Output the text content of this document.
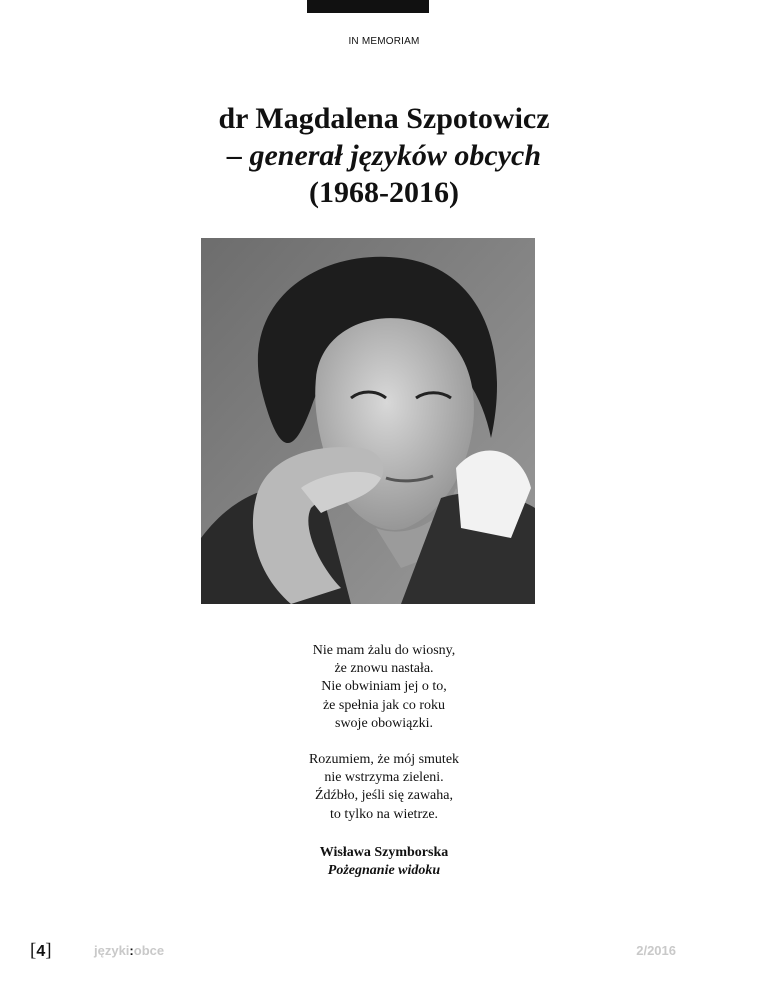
IN MEMORIAM
dr Magdalena Szpotowicz
– generał języków obcych
(1968-2016)
Nie mam żalu do wiosny,
że znowu nastała.
Nie obwiniam jej o to,
że spełnia jak co roku
swoje obowiązki.
Rozumiem, że mój smutek
nie wstrzyma zieleni.
Źdźbło, jeśli się zawaha,
to tylko na wietrze.
Wisława Szymborska
Pożegnanie widoku
[4]	języki:obce	2/2016
